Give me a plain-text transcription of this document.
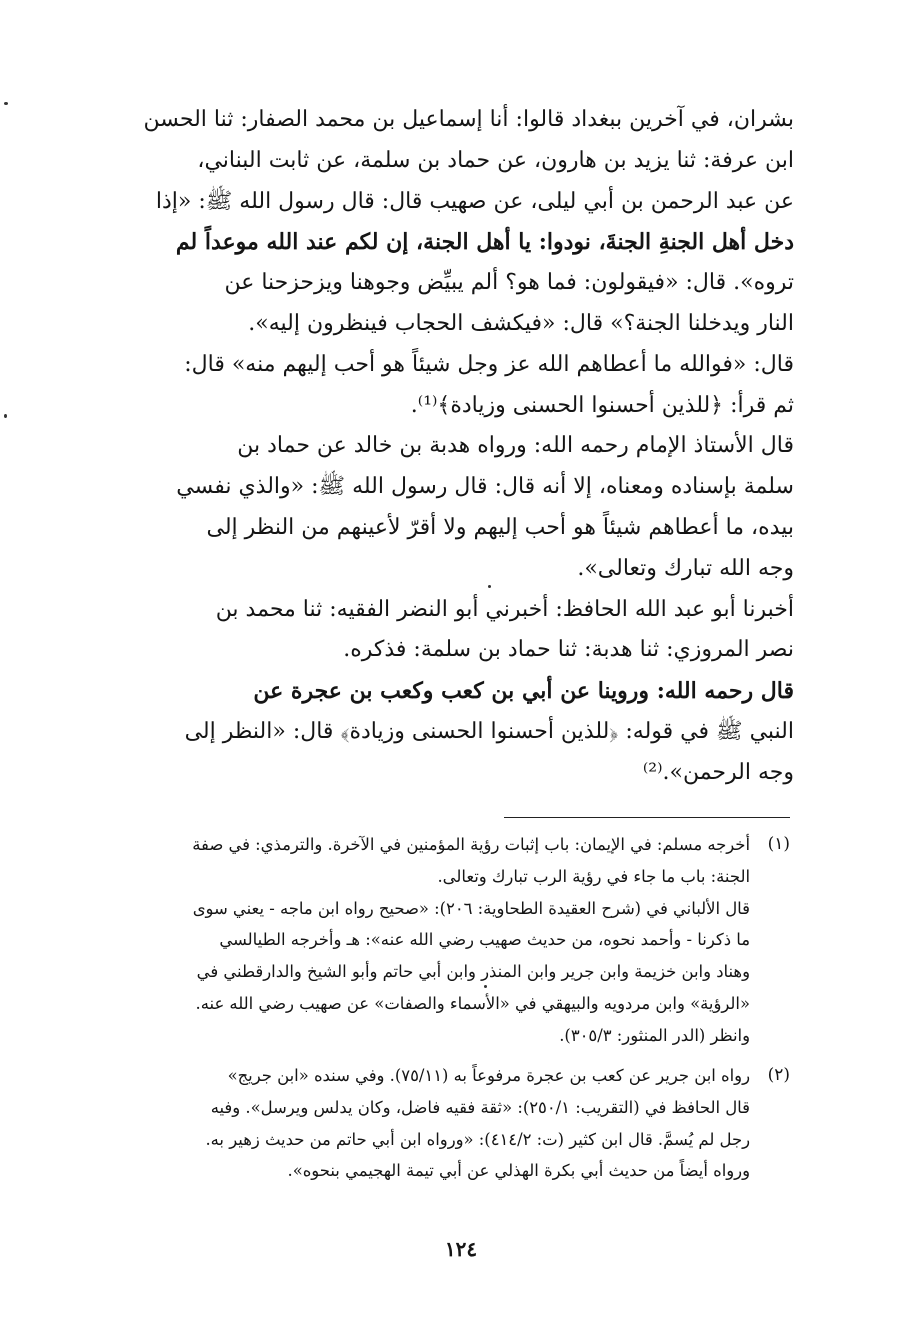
بشران، في آخرين ببغداد قالوا: أنا إسماعيل بن محمد الصفار: ثنا الحسن
ابن عرفة: ثنا يزيد بن هارون، عن حماد بن سلمة، عن ثابت البناني،
عن عبد الرحمن بن أبي ليلى، عن صهيب قال: قال رسول الله ﷺ: «إذا
دخل أهل الجنةِ الجنةَ، نودوا: يا أهل الجنة، إن لكم عند الله موعداً لم
تروه». قال: «فيقولون: فما هو؟ ألم يبيِّض وجوهنا ويزحزحنا عن
النار ويدخلنا الجنة؟» قال: «فيكشف الحجاب فينظرون إليه».
قال: «فوالله ما أعطاهم الله عز وجل شيئاً هو أحب إليهم منه» قال:
ثم قرأ: ﴿للذين أحسنوا الحسنى وزيادة﴾⁽¹⁾.
قال الأستاذ الإمام رحمه الله: ورواه هدبة بن خالد عن حماد بن
سلمة بإسناده ومعناه، إلا أنه قال: قال رسول الله ﷺ: «والذي نفسي
بيده، ما أعطاهم شيئاً هو أحب إليهم ولا أقرّ لأعينهم من النظر إلى
وجه الله تبارك وتعالى».
أخبرنا أبو عبد الله الحافظ: أخبرني أبو النضر الفقيه: ثنا محمد بن
نصر المروزي: ثنا هدبة: ثنا حماد بن سلمة: فذكره.
قال رحمه الله: وروينا عن أبي بن كعب وكعب بن عجرة عن
النبي ﷺ في قوله: ﴿للذين أحسنوا الحسنى وزيادة﴾ قال: «النظر إلى
وجه الرحمن».⁽²⁾
(١)
أخرجه مسلم: في الإيمان: باب إثبات رؤية المؤمنين في الآخرة. والترمذي: في صفة
الجنة: باب ما جاء في رؤية الرب تبارك وتعالى.
قال الألباني في (شرح العقيدة الطحاوية: ٢٠٦): «صحيح رواه ابن ماجه - يعني سوى
ما ذكرنا - وأحمد نحوه، من حديث صهيب رضي الله عنه»: هـ وأخرجه الطيالسي
وهناد وابن خزيمة وابن جرير وابن المنذر وابن أبي حاتم وأبو الشيخ والدارقطني في
«الرؤية» وابن مردويه والبيهقي في «الأسماء والصفات» عن صهيب رضي الله عنه.
وانظر (الدر المنثور: ٣٠٥/٣).
(٢)
رواه ابن جرير عن كعب بن عجرة مرفوعاً به (٧٥/١١). وفي سنده «ابن جريج»
قال الحافظ في (التقريب: ٢٥٠/١): «ثقة فقيه فاضل، وكان يدلس ويرسل». وفيه
رجل لم يُسمَّ. قال ابن كثير (ت: ٤١٤/٢): «ورواه ابن أبي حاتم من حديث زهير به.
ورواه أيضاً من حديث أبي بكرة الهذلي عن أبي تيمة الهجيمي بنحوه».
١٢٤
